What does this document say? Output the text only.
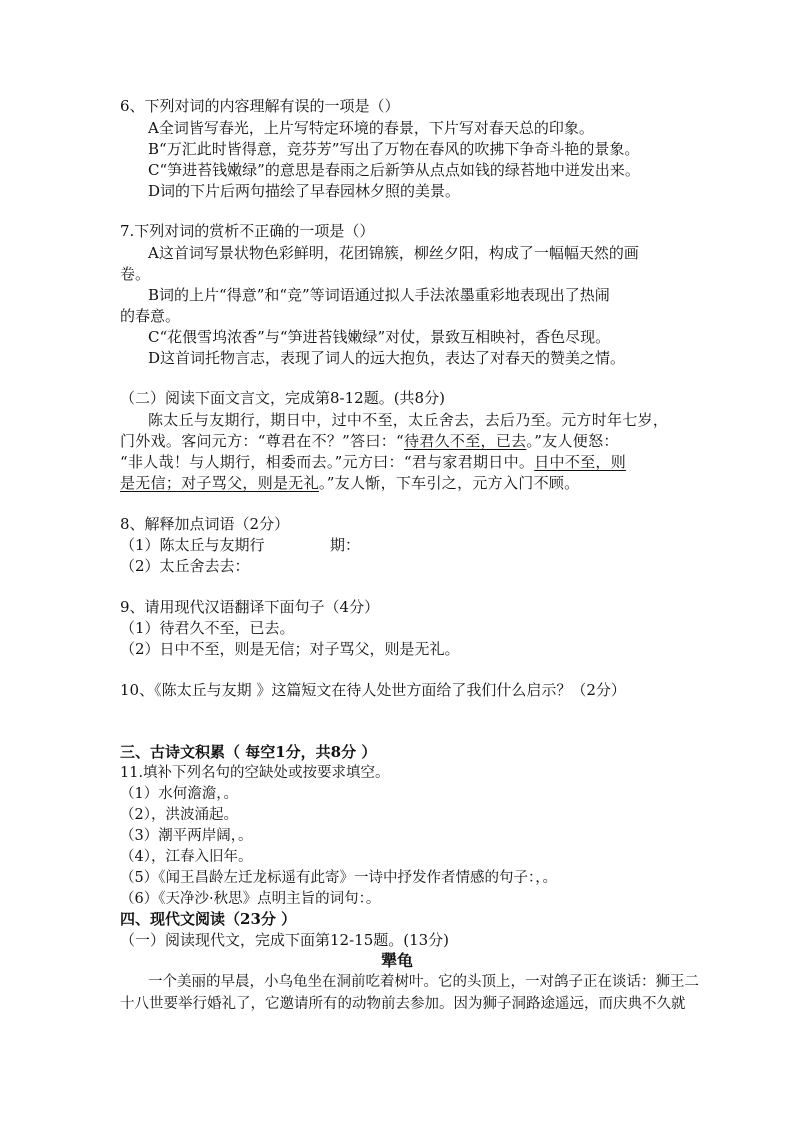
6、下列对词的内容理解有误的一项是（）
A全词皆写春光，上片写特定环境的春景，下片写对春天总的印象。
B“万汇此时皆得意，竞芬芳”写出了万物在春风的吹拂下争奇斗艳的景象。
C“笋进苔钱嫩绿”的意思是春雨之后新笋从点点如钱的绿苔地中迸发出来。
D词的下片后两句描绘了早春园林夕照的美景。
7.下列对词的赏析不正确的一项是（）
A这首词写景状物色彩鲜明，花团锦簇，柳丝夕阳，构成了一幅幅天然的画
卷。
B词的上片“得意”和“竞”等词语通过拟人手法浓墨重彩地表现出了热闹
的春意。
C“花偎雪坞浓香”与“笋进苔钱嫩绿”对仗，景致互相映衬，香色尽现。
D这首词托物言志，表现了词人的远大抱负，表达了对春天的赞美之情。
（二）阅读下面文言文，完成第8-12题。(共8分)
陈太丘与友期行，期日中，过中不至，太丘舍去，去后乃至。元方时年七岁，
门外戏。客问元方：“尊君在不？”答曰：“待君久不至，已去。”友人便怒：
“非人哉！与人期行，相委而去。”元方曰：“君与家君期日中。日中不至，则
是无信；对子骂父，则是无礼。”友人惭，下车引之，元方入门不顾。
8、解释加点词语（2分）
（1）陈太丘与友期行	期：
（2）太丘舍去去：
9、请用现代汉语翻译下面句子（4分）
（1）待君久不至，已去。
（2）日中不至，则是无信；对子骂父，则是无礼。
10、《陈太丘与友期 》这篇短文在待人处世方面给了我们什么启示？（2分）
三、古诗文积累（ 每空1分，共8分 ）
11.填补下列名句的空缺处或按要求填空。
（1）水何澹澹，。
（2），洪波涌起。
（3）潮平两岸阔，。
（4），江春入旧年。
（5）《闻王昌龄左迁龙标遥有此寄》一诗中抒发作者情感的句子：，。
（6）《天净沙·秋思》点明主旨的词句：。
四、现代文阅读（23分 ）
（一）阅读现代文，完成下面第12-15题。(13分)
犟龟
一个美丽的早晨，小乌龟坐在洞前吃着树叶。它的头顶上，一对鸽子正在谈话：狮王二
十八世要举行婚礼了，它邀请所有的动物前去参加。因为狮子洞路途遥远，而庆典不久就
